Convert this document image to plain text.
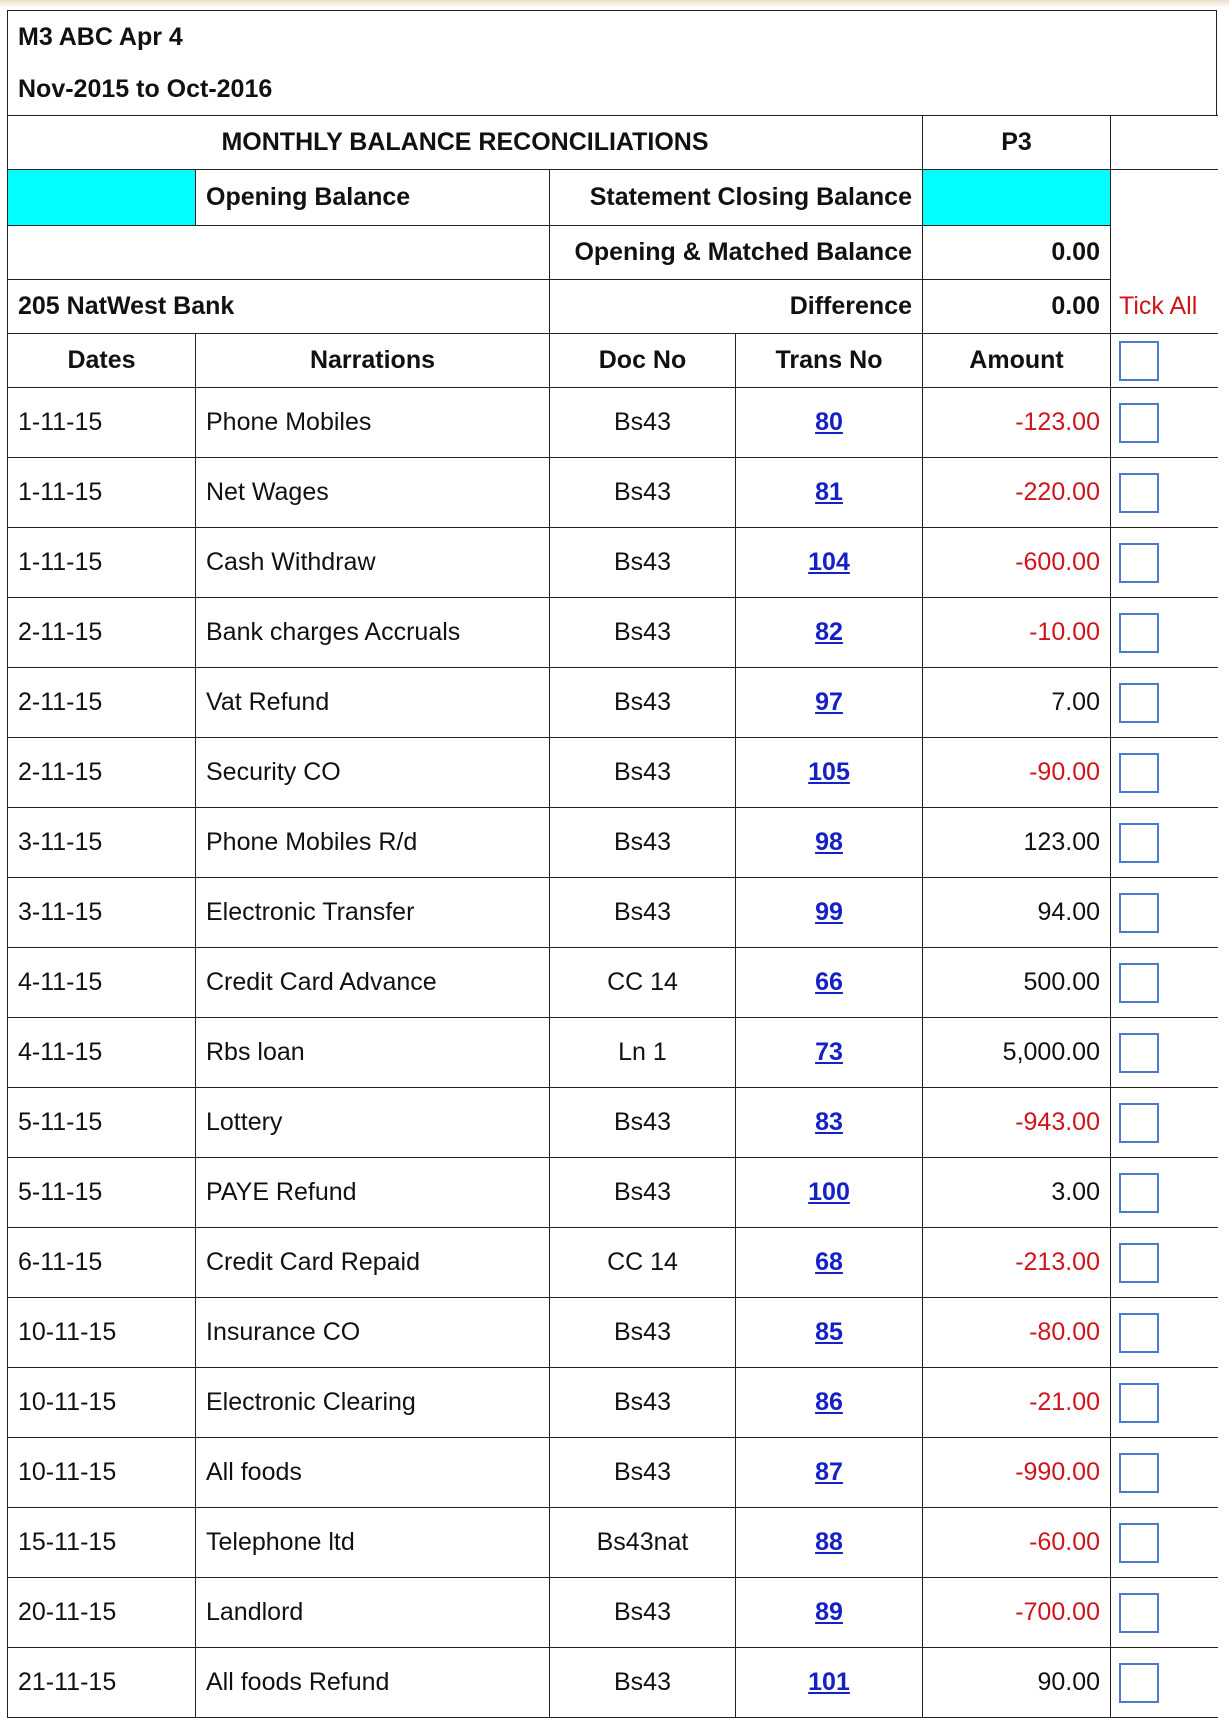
M3 ABC Apr 4
Nov-2015 to Oct-2016
MONTHLY BALANCE RECONCILIATIONS				P3	
	Opening Balance	Statement Closing Balance			
		Opening & Matched Balance		0.00	
205 NatWest Bank		Difference		0.00	Tick All
Dates	Narrations	Doc No	Trans No	Amount	
1-11-15	Phone Mobiles	Bs43	80	-123.00	
1-11-15	Net Wages	Bs43	81	-220.00	
1-11-15	Cash Withdraw	Bs43	104	-600.00	
2-11-15	Bank charges Accruals	Bs43	82	-10.00	
2-11-15	Vat Refund	Bs43	97	7.00	
2-11-15	Security CO	Bs43	105	-90.00	
3-11-15	Phone Mobiles R/d	Bs43	98	123.00	
3-11-15	Electronic Transfer	Bs43	99	94.00	
4-11-15	Credit Card Advance	CC 14	66	500.00	
4-11-15	Rbs loan	Ln 1	73	5,000.00	
5-11-15	Lottery	Bs43	83	-943.00	
5-11-15	PAYE Refund	Bs43	100	3.00	
6-11-15	Credit Card Repaid	CC 14	68	-213.00	
10-11-15	Insurance CO	Bs43	85	-80.00	
10-11-15	Electronic Clearing	Bs43	86	-21.00	
10-11-15	All foods	Bs43	87	-990.00	
15-11-15	Telephone ltd	Bs43nat	88	-60.00	
20-11-15	Landlord	Bs43	89	-700.00	
21-11-15	All foods Refund	Bs43	101	90.00	
